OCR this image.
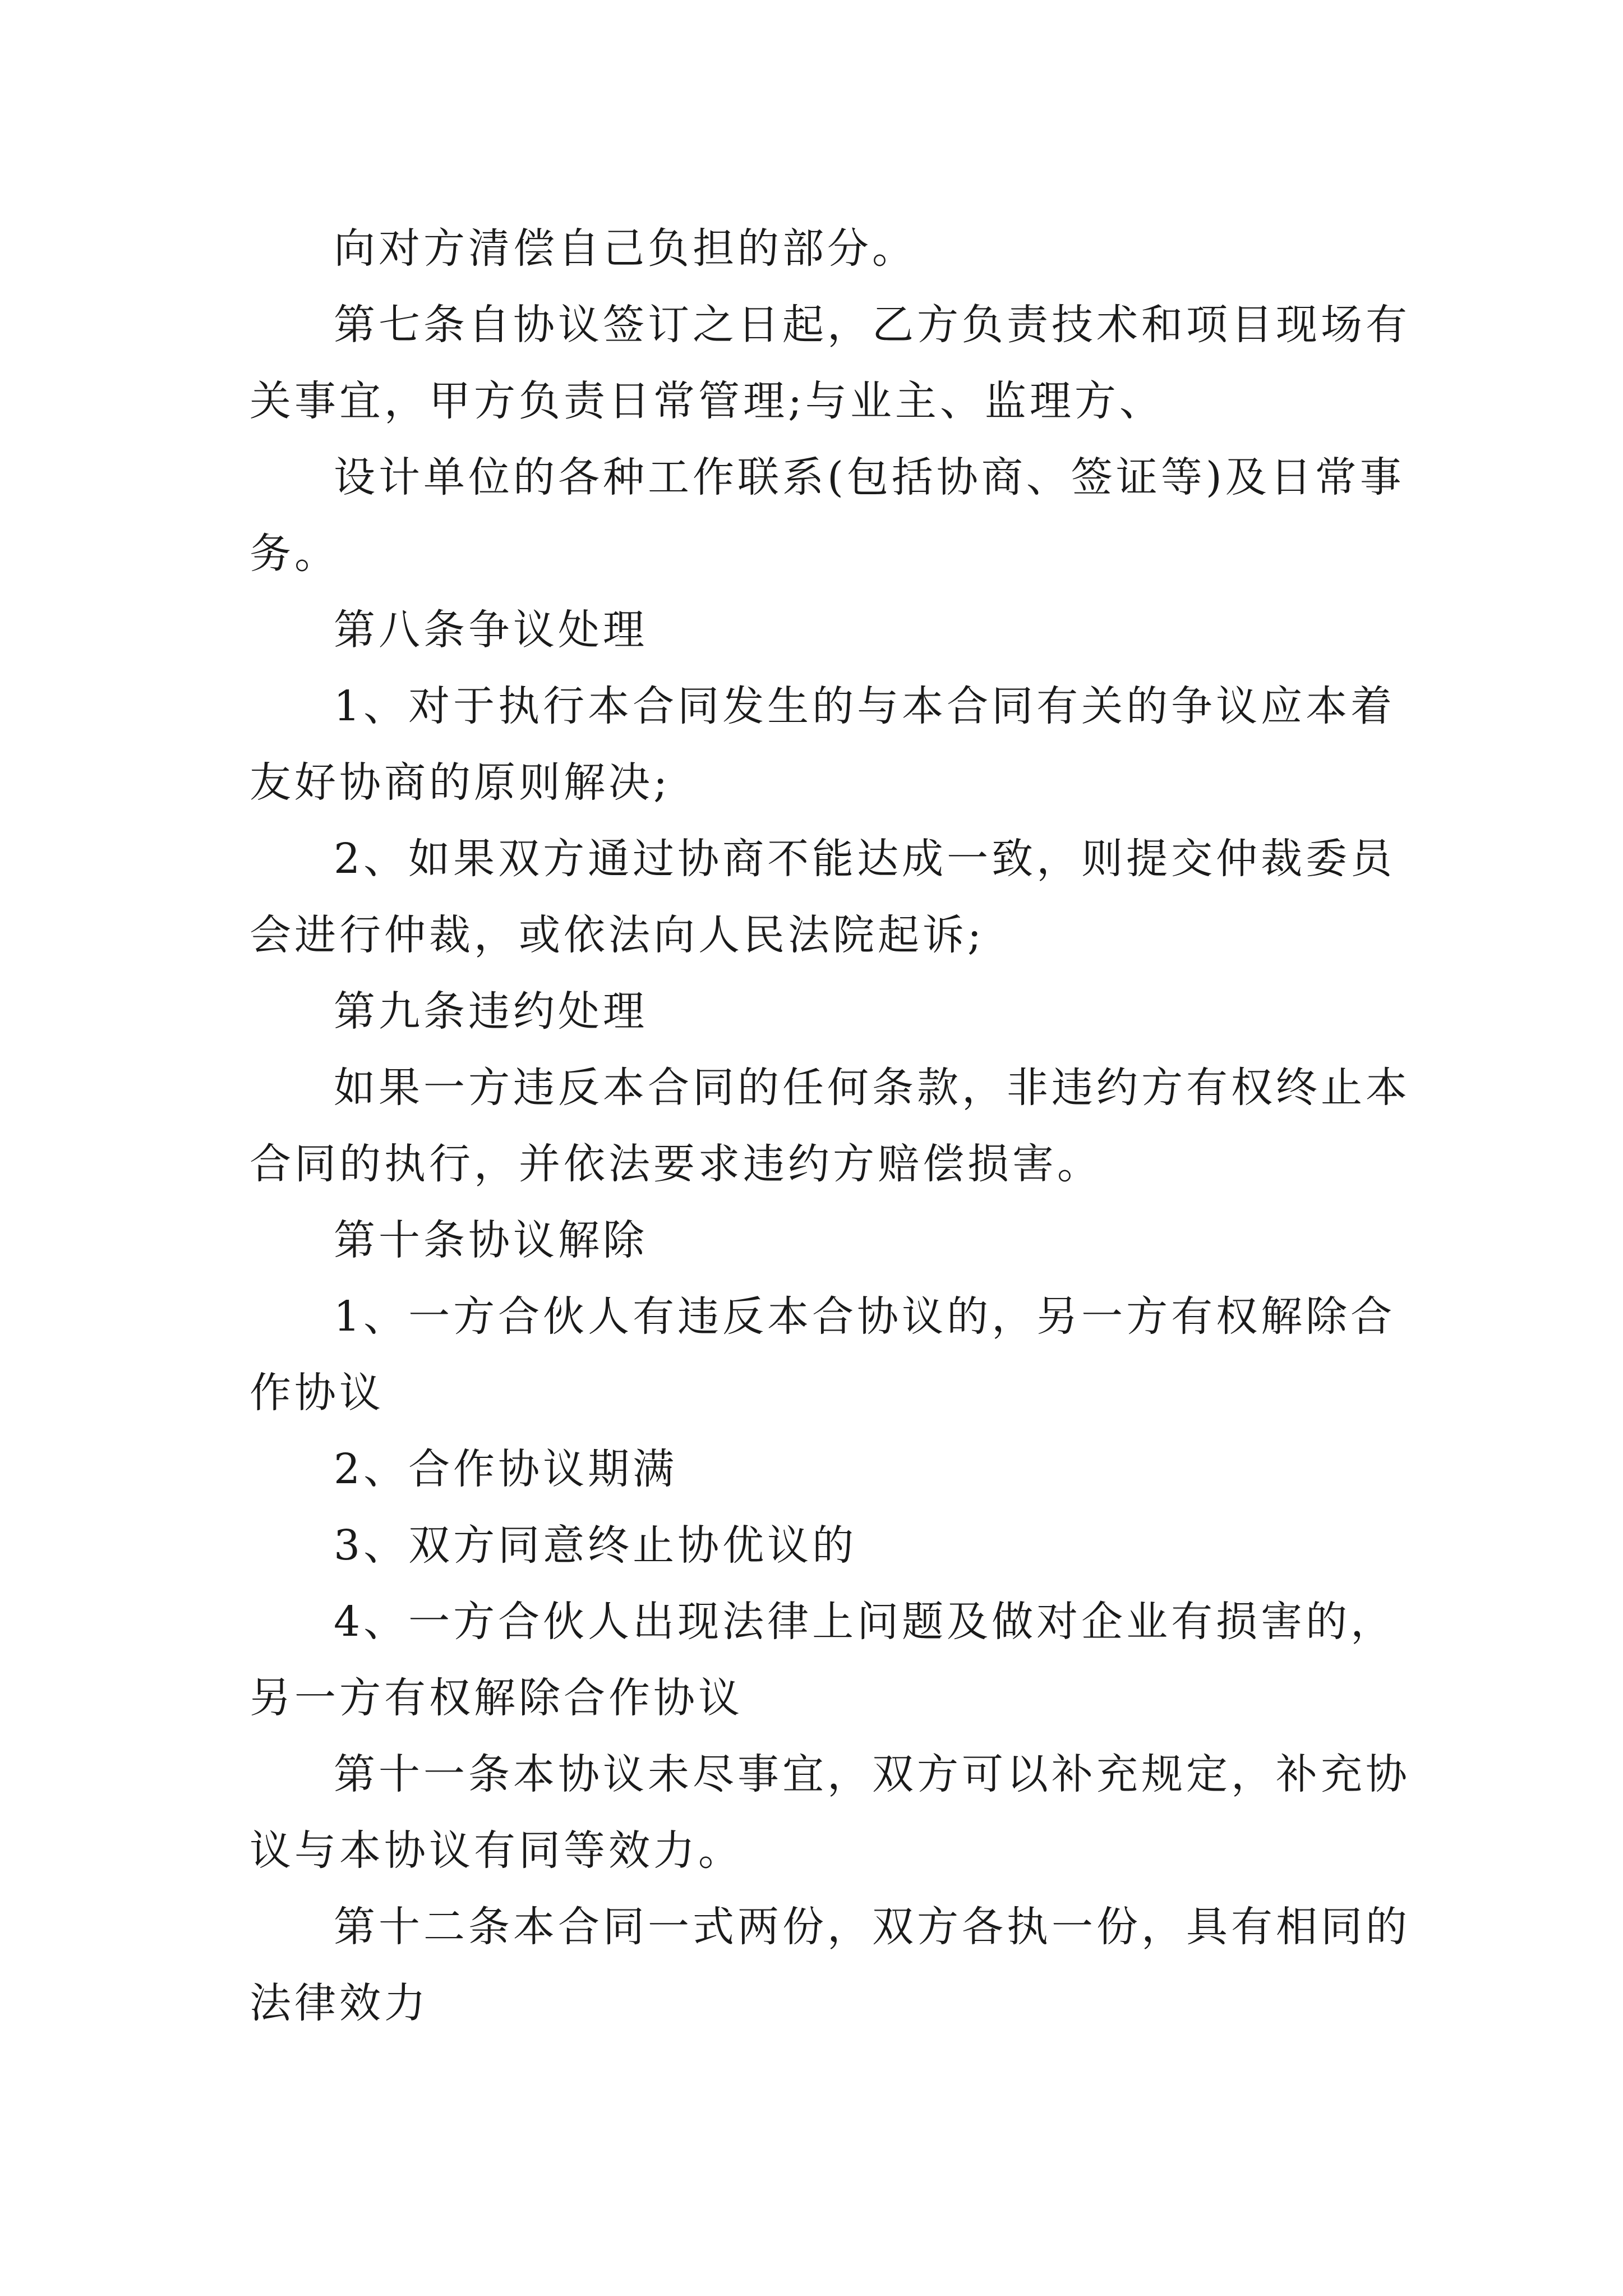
向对方清偿自己负担的部分。
第七条自协议签订之日起，乙方负责技术和项目现场有
关事宜，甲方负责日常管理;与业主、监理方、
设计单位的各种工作联系(包括协商、签证等)及日常事
务。
第八条争议处理
1、对于执行本合同发生的与本合同有关的争议应本着
友好协商的原则解决;
2、如果双方通过协商不能达成一致，则提交仲裁委员
会进行仲裁，或依法向人民法院起诉;
第九条违约处理
如果一方违反本合同的任何条款，非违约方有权终止本
合同的执行，并依法要求违约方赔偿损害。
第十条协议解除
1、一方合伙人有违反本合协议的，另一方有权解除合
作协议
2、合作协议期满
3、双方同意终止协优议的
4、一方合伙人出现法律上问题及做对企业有损害的，
另一方有权解除合作协议
第十一条本协议未尽事宜，双方可以补充规定，补充协
议与本协议有同等效力。
第十二条本合同一式两份，双方各执一份，具有相同的
法律效力
